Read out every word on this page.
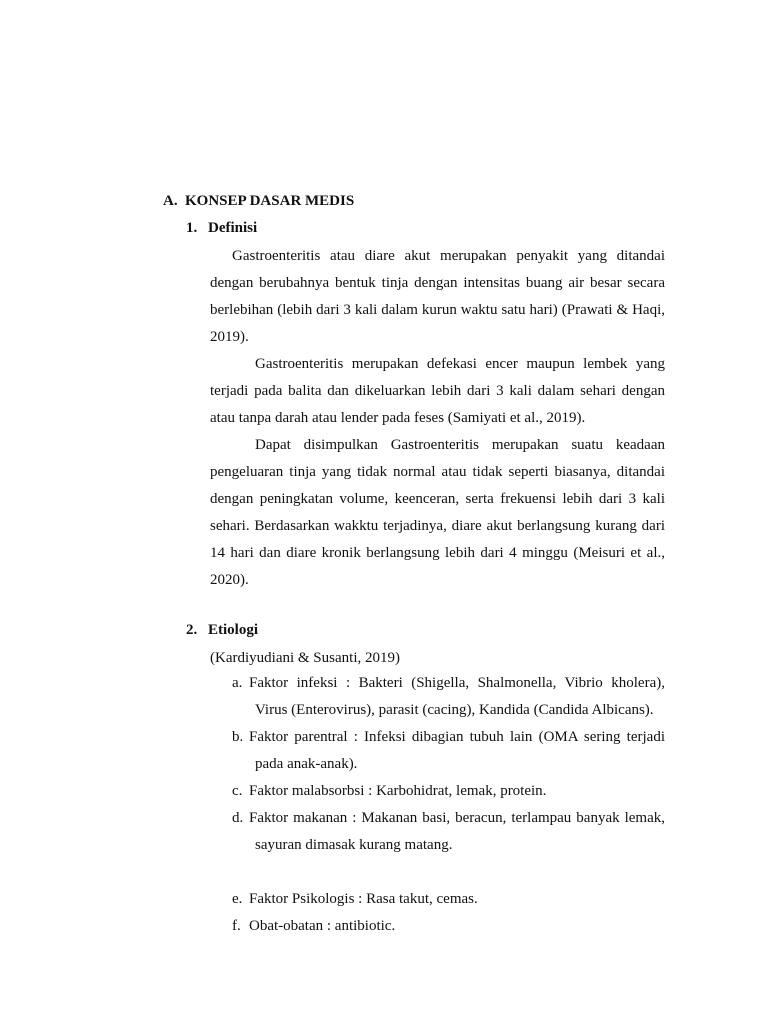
A. KONSEP DASAR MEDIS
1. Definisi

Gastroenteritis atau diare akut merupakan penyakit yang ditandai dengan berubahnya bentuk tinja dengan intensitas buang air besar secara berlebihan (lebih dari 3 kali dalam kurun waktu satu hari) (Prawati & Haqi, 2019).

Gastroenteritis merupakan defekasi encer maupun lembek yang terjadi pada balita dan dikeluarkan lebih dari 3 kali dalam sehari dengan atau tanpa darah atau lender pada feses (Samiyati et al., 2019).

Dapat disimpulkan Gastroenteritis merupakan suatu keadaan pengeluaran tinja yang tidak normal atau tidak seperti biasanya, ditandai dengan peningkatan volume, keenceran, serta frekuensi lebih dari 3 kali sehari. Berdasarkan wakktu terjadinya, diare akut berlangsung kurang dari 14 hari dan diare kronik berlangsung lebih dari 4 minggu (Meisuri et al., 2020).

2. Etiologi
(Kardiyudiani & Susanti, 2019)

a. Faktor infeksi : Bakteri (Shigella, Shalmonella, Vibrio kholera), Virus (Enterovirus), parasit (cacing), Kandida (Candida Albicans).

b. Faktor parentral : Infeksi dibagian tubuh lain (OMA sering terjadi pada anak-anak).

c. Faktor malabsorbsi : Karbohidrat, lemak, protein.

d. Faktor makanan : Makanan basi, beracun, terlampau banyak lemak, sayuran dimasak kurang matang.

e. Faktor Psikologis : Rasa takut, cemas.

f. Obat-obatan : antibiotic.
